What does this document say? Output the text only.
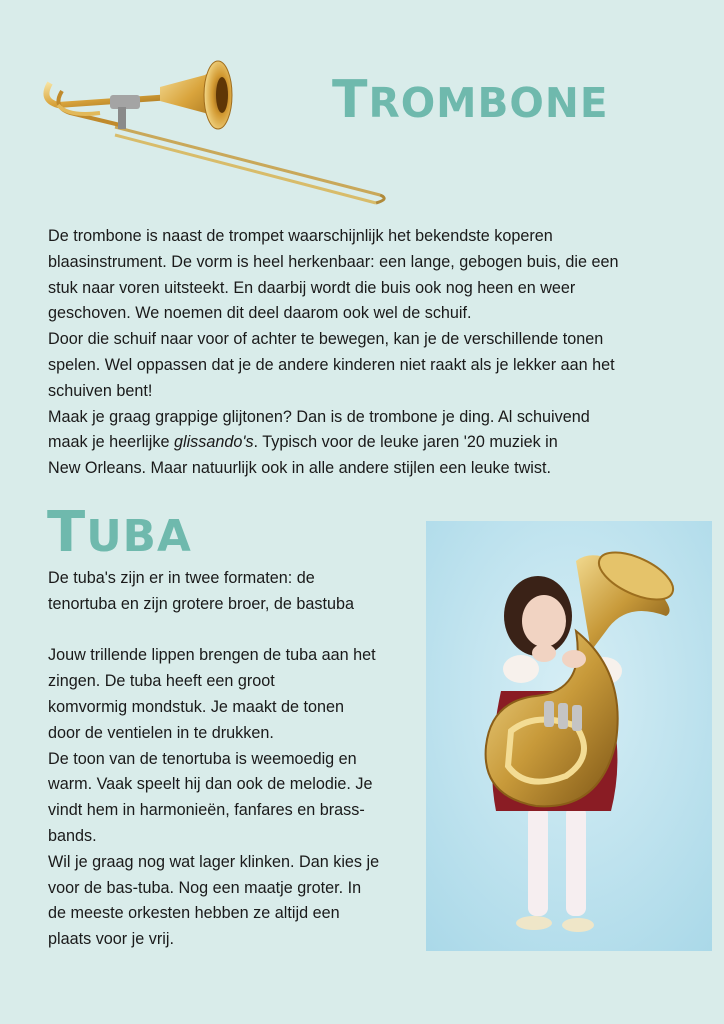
TROMBONE
De trombone is naast de trompet waarschijnlijk het bekendste koperen
blaasinstrument. De vorm is heel herkenbaar: een lange, gebogen buis, die een
stuk naar voren uitsteekt. En daarbij wordt die buis ook nog heen en weer
geschoven. We noemen dit deel daarom ook wel de schuif.
Door die schuif naar voor of achter te bewegen, kan je de verschillende tonen
spelen. Wel oppassen dat je de andere kinderen niet raakt als je lekker aan het
schuiven bent!
Maak je graag grappige glijtonen? Dan is de trombone je ding. Al schuivend
maak je heerlijke glissando's. Typisch voor de leuke jaren '20 muziek in
New Orleans. Maar natuurlijk ook in alle andere stijlen een leuke twist.
TUBA
De tuba's zijn er in twee formaten: de
tenortuba en zijn grotere broer, de bastuba
Jouw trillende lippen brengen de tuba aan het
zingen. De tuba heeft een groot
komvormig mondstuk. Je maakt de tonen
door de ventielen in te drukken.
De toon van de tenortuba is weemoedig en
warm. Vaak speelt hij dan ook de melodie. Je
vindt hem in harmonieën, fanfares en brass-
bands.
Wil je graag nog wat lager klinken. Dan kies je
voor de bas-tuba. Nog een maatje groter. In
de meeste orkesten hebben ze altijd een
plaats voor je vrij.
